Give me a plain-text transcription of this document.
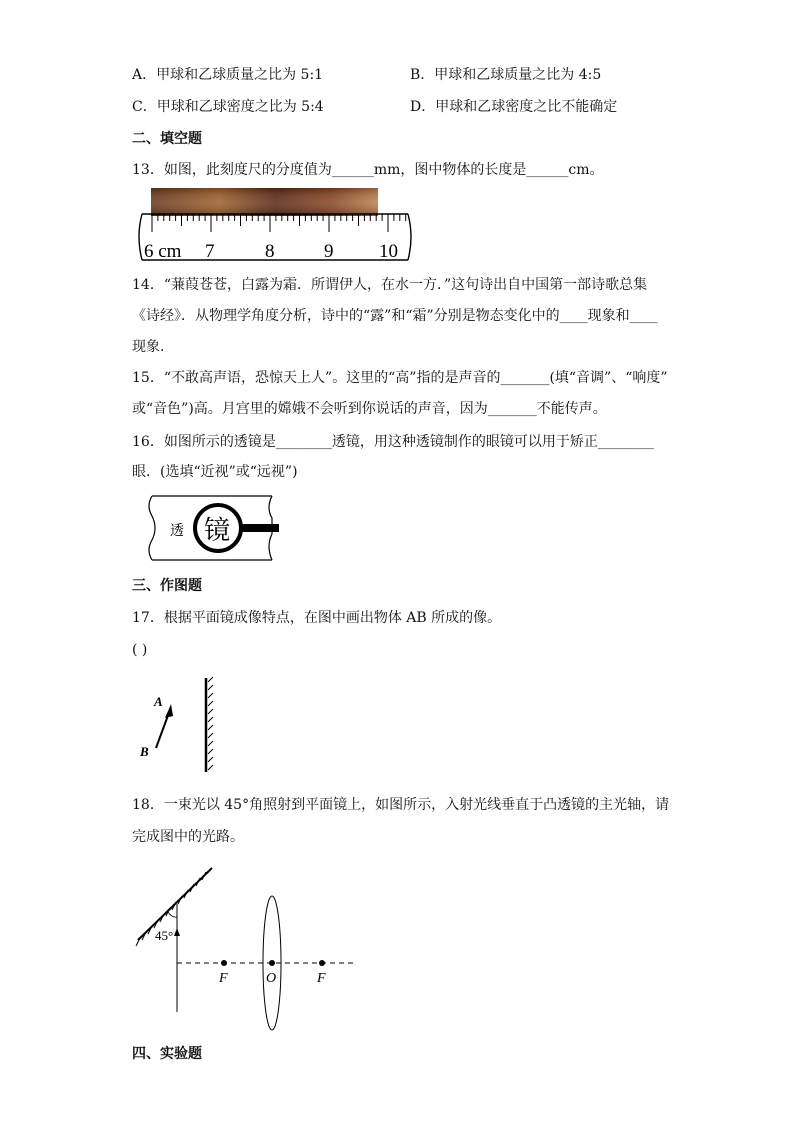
A．甲球和乙球质量之比为 5:1	B．甲球和乙球质量之比为 4:5
C．甲球和乙球密度之比为 5:4	D．甲球和乙球密度之比不能确定
二、填空题
13．如图，此刻度尺的分度值为______mm，图中物体的长度是______cm。
6 cm 7	8	9 10
14．“蒹葭苍苍，白露为霜．所谓伊人，在水一方．”这句诗出自中国第一部诗歌总集
《诗经》．从物理学角度分析，诗中的“露”和“霜”分别是物态变化中的____现象和____
现象．
15．“不敢高声语，恐惊天上人”。这里的“高”指的是声音的_______(填“音调”、“响度”
或“音色”)高。月宫里的嫦娥不会听到你说话的声音，因为_______不能传声。
16．如图所示的透镜是________透镜，用这种透镜制作的眼镜可以用于矫正________
眼．(选填“近视”或“远视”)
透 镜
三、作图题
17．根据平面镜成像特点，在图中画出物体 AB 所成的像。
( )
A
B
18．一束光以 45°角照射到平面镜上，如图所示，入射光线垂直于凸透镜的主光轴，请
完成图中的光路。
45°
F	O	F
四、实验题
